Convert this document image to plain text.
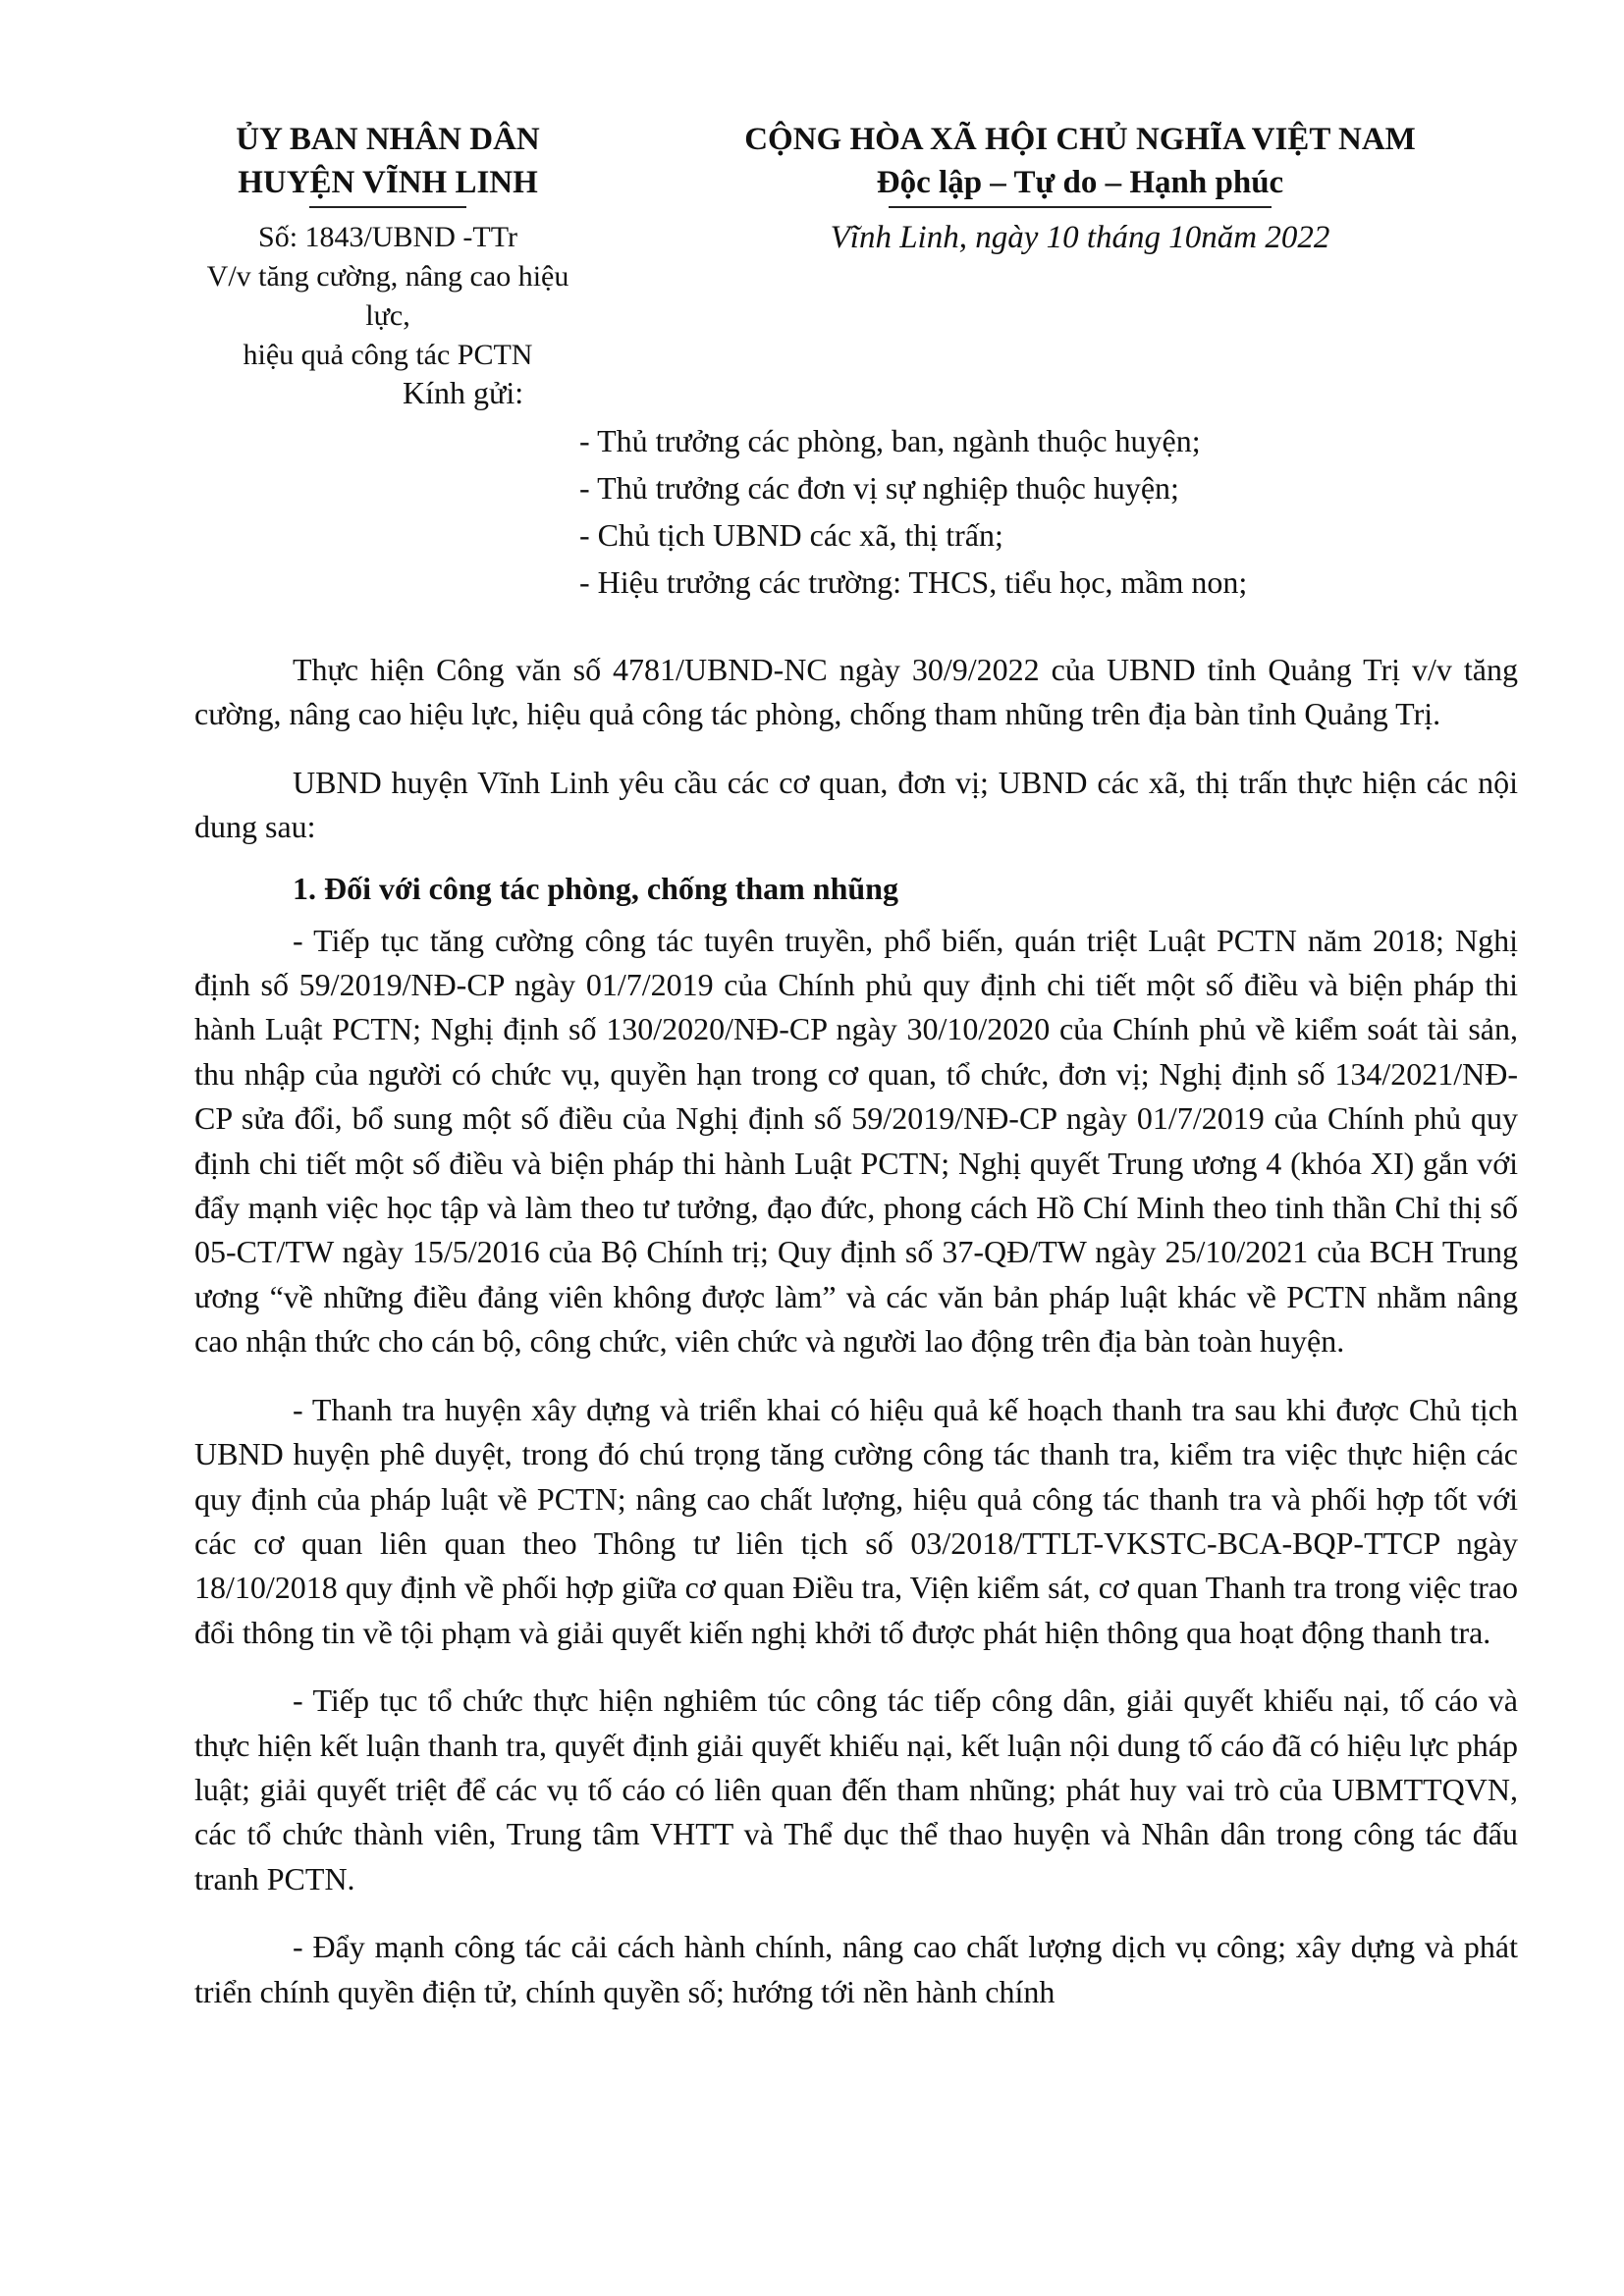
ỦY BAN NHÂN DÂN
HUYỆN VĨNH LINH
Số: 1843/UBND -TTr
V/v tăng cường, nâng cao hiệu lực,
hiệu quả công tác PCTN
CỘNG HÒA XÃ HỘI CHỦ NGHĨA VIỆT NAM
Độc lập – Tự do – Hạnh phúc
Vĩnh Linh, ngày 10 tháng 10năm 2022
Kính gửi:
- Thủ trưởng các phòng, ban, ngành thuộc huyện;
- Thủ trưởng các đơn vị sự nghiệp thuộc huyện;
- Chủ tịch UBND các xã, thị trấn;
- Hiệu trưởng các trường: THCS, tiểu học, mầm non;

Thực hiện Công văn số 4781/UBND-NC ngày 30/9/2022 của UBND tỉnh Quảng Trị v/v tăng cường, nâng cao hiệu lực, hiệu quả công tác phòng, chống tham nhũng trên địa bàn tỉnh Quảng Trị.

UBND huyện Vĩnh Linh yêu cầu các cơ quan, đơn vị; UBND các xã, thị trấn thực hiện các nội dung sau:

1. Đối với công tác phòng, chống tham nhũng

- Tiếp tục tăng cường công tác tuyên truyền, phổ biến, quán triệt Luật PCTN năm 2018; Nghị định số 59/2019/NĐ-CP ngày 01/7/2019 của Chính phủ quy định chi tiết một số điều và biện pháp thi hành Luật PCTN; Nghị định số 130/2020/NĐ-CP ngày 30/10/2020 của Chính phủ về kiểm soát tài sản, thu nhập của người có chức vụ, quyền hạn trong cơ quan, tổ chức, đơn vị; Nghị định số 134/2021/NĐ-CP sửa đổi, bổ sung một số điều của Nghị định số 59/2019/NĐ-CP ngày 01/7/2019 của Chính phủ quy định chi tiết một số điều và biện pháp thi hành Luật PCTN; Nghị quyết Trung ương 4 (khóa XI) gắn với đẩy mạnh việc học tập và làm theo tư tưởng, đạo đức, phong cách Hồ Chí Minh theo tinh thần Chỉ thị số 05-CT/TW ngày 15/5/2016 của Bộ Chính trị; Quy định số 37-QĐ/TW ngày 25/10/2021 của BCH Trung ương “về những điều đảng viên không được làm” và các văn bản pháp luật khác về PCTN nhằm nâng cao nhận thức cho cán bộ, công chức, viên chức và người lao động trên địa bàn toàn huyện.

- Thanh tra huyện xây dựng và triển khai có hiệu quả kế hoạch thanh tra sau khi được Chủ tịch UBND huyện phê duyệt, trong đó chú trọng tăng cường công tác thanh tra, kiểm tra việc thực hiện các quy định của pháp luật về PCTN; nâng cao chất lượng, hiệu quả công tác thanh tra và phối hợp tốt với các cơ quan liên quan theo Thông tư liên tịch số 03/2018/TTLT-VKSTC-BCA-BQP-TTCP ngày 18/10/2018 quy định về phối hợp giữa cơ quan Điều tra, Viện kiểm sát, cơ quan Thanh tra trong việc trao đổi thông tin về tội phạm và giải quyết kiến nghị khởi tố được phát hiện thông qua hoạt động thanh tra.

- Tiếp tục tổ chức thực hiện nghiêm túc công tác tiếp công dân, giải quyết khiếu nại, tố cáo và thực hiện kết luận thanh tra, quyết định giải quyết khiếu nại, kết luận nội dung tố cáo đã có hiệu lực pháp luật; giải quyết triệt để các vụ tố cáo có liên quan đến tham nhũng; phát huy vai trò của UBMTTQVN, các tổ chức thành viên, Trung tâm VHTT và Thể dục thể thao huyện và Nhân dân trong công tác đấu tranh PCTN.

- Đẩy mạnh công tác cải cách hành chính, nâng cao chất lượng dịch vụ công; xây dựng và phát triển chính quyền điện tử, chính quyền số; hướng tới nền hành chính
